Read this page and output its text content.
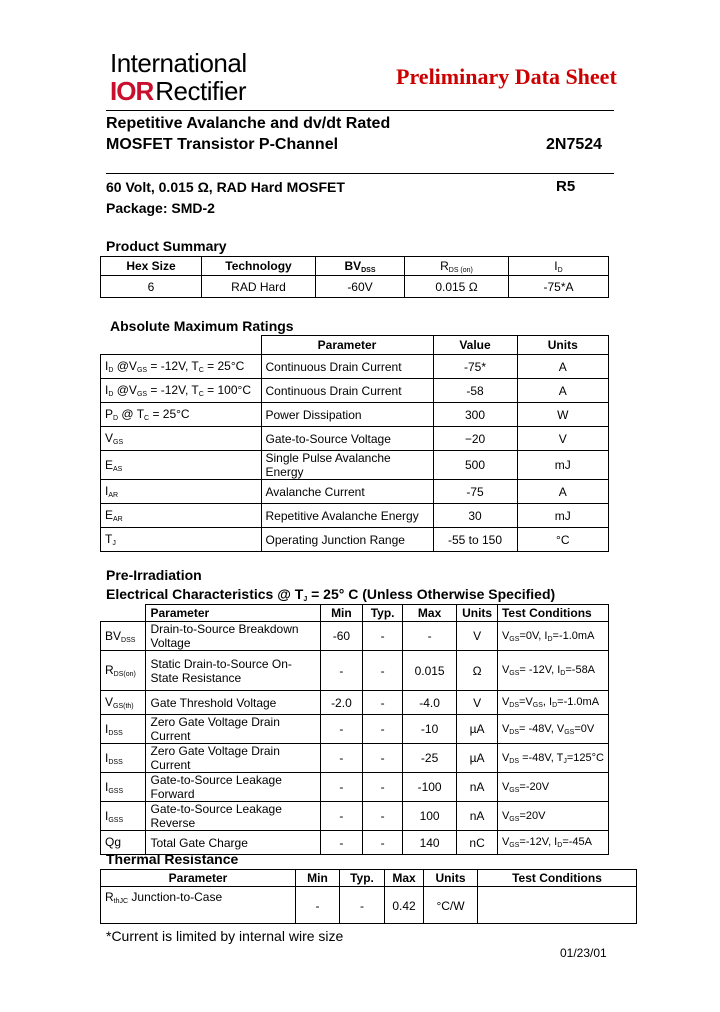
International
IOR Rectifier	Preliminary Data Sheet
Repetitive Avalanche and dv/dt Rated
MOSFET Transistor P-Channel	2N7524
60 Volt, 0.015 Ω, RAD Hard MOSFET	R5
Package: SMD-2
Product Summary
Hex Size	Technology	$BV_{DSS}$	$R_{DS (on)}$	$I_D$
6	RAD Hard	-60V	0.015 Ω	-75*A
Absolute Maximum Ratings
	Parameter	Value	Units
$I_D$ $@V_{GS} = -12V$, $T_C = 25^\circ C$	Continuous Drain Current	-75*	A
$I_D$ $@V_{GS} = -12V$, $T_C = 100^\circ C$	Continuous Drain Current	-58	A
$P_D$ @ $T_C = 25^\circ C$	Power Dissipation	300	W
$V_{GS}$	Gate-to-Source Voltage	−20	V
$E_{AS}$	Single Pulse Avalanche Energy	500	mJ
$I_{AR}$	Avalanche Current	-75	A
$E_{AR}$	Repetitive Avalanche Energy	30	mJ
$T_J$	Operating Junction Range	-55 to 150	°C
Pre-Irradiation
Electrical Characteristics @ $T_J = 25^\circ$ C (Unless Otherwise Specified)
	Parameter	Min	Typ.	Max	Units	Test Conditions
$BV_{DSS}$	Drain-to-Source Breakdown Voltage	-60	-	-	V	$V_{GS}=0V$, $I_D=-1.0mA$
$R_{DS(on)}$	Static Drain-to-Source On-State Resistance	-	-	0.015	Ω	$V_{GS}= -12V$, $I_D=-58A$
$V_{GS(th)}$	Gate Threshold Voltage	-2.0	-	-4.0	V	$V_{DS}=V_{GS}$, $I_D=-1.0mA$
$I_{DSS}$	Zero Gate Voltage Drain Current	-	-	-10	µA	$V_{DS}= -48V$, $V_{GS}=0V$
$I_{DSS}$	Zero Gate Voltage Drain Current	-	-	-25	µA	$V_{DS} =-48V$, $T_J=125^\circ C$
$I_{GSS}$	Gate-to-Source Leakage Forward	-	-	-100	nA	$V_{GS}=-20V$
$I_{GSS}$	Gate-to-Source Leakage Reverse	-	-	100	nA	$V_{GS}=20V$
Qg	Total Gate Charge	-	-	140	nC	$V_{GS}=-12V$, $I_D=-45A$
Thermal Resistance
Parameter	Min	Typ.	Max	Units	Test Conditions
$R_{thJC}$ Junction-to-Case	-	-	0.42	°C/W	
*Current is limited by internal wire size
01/23/01
